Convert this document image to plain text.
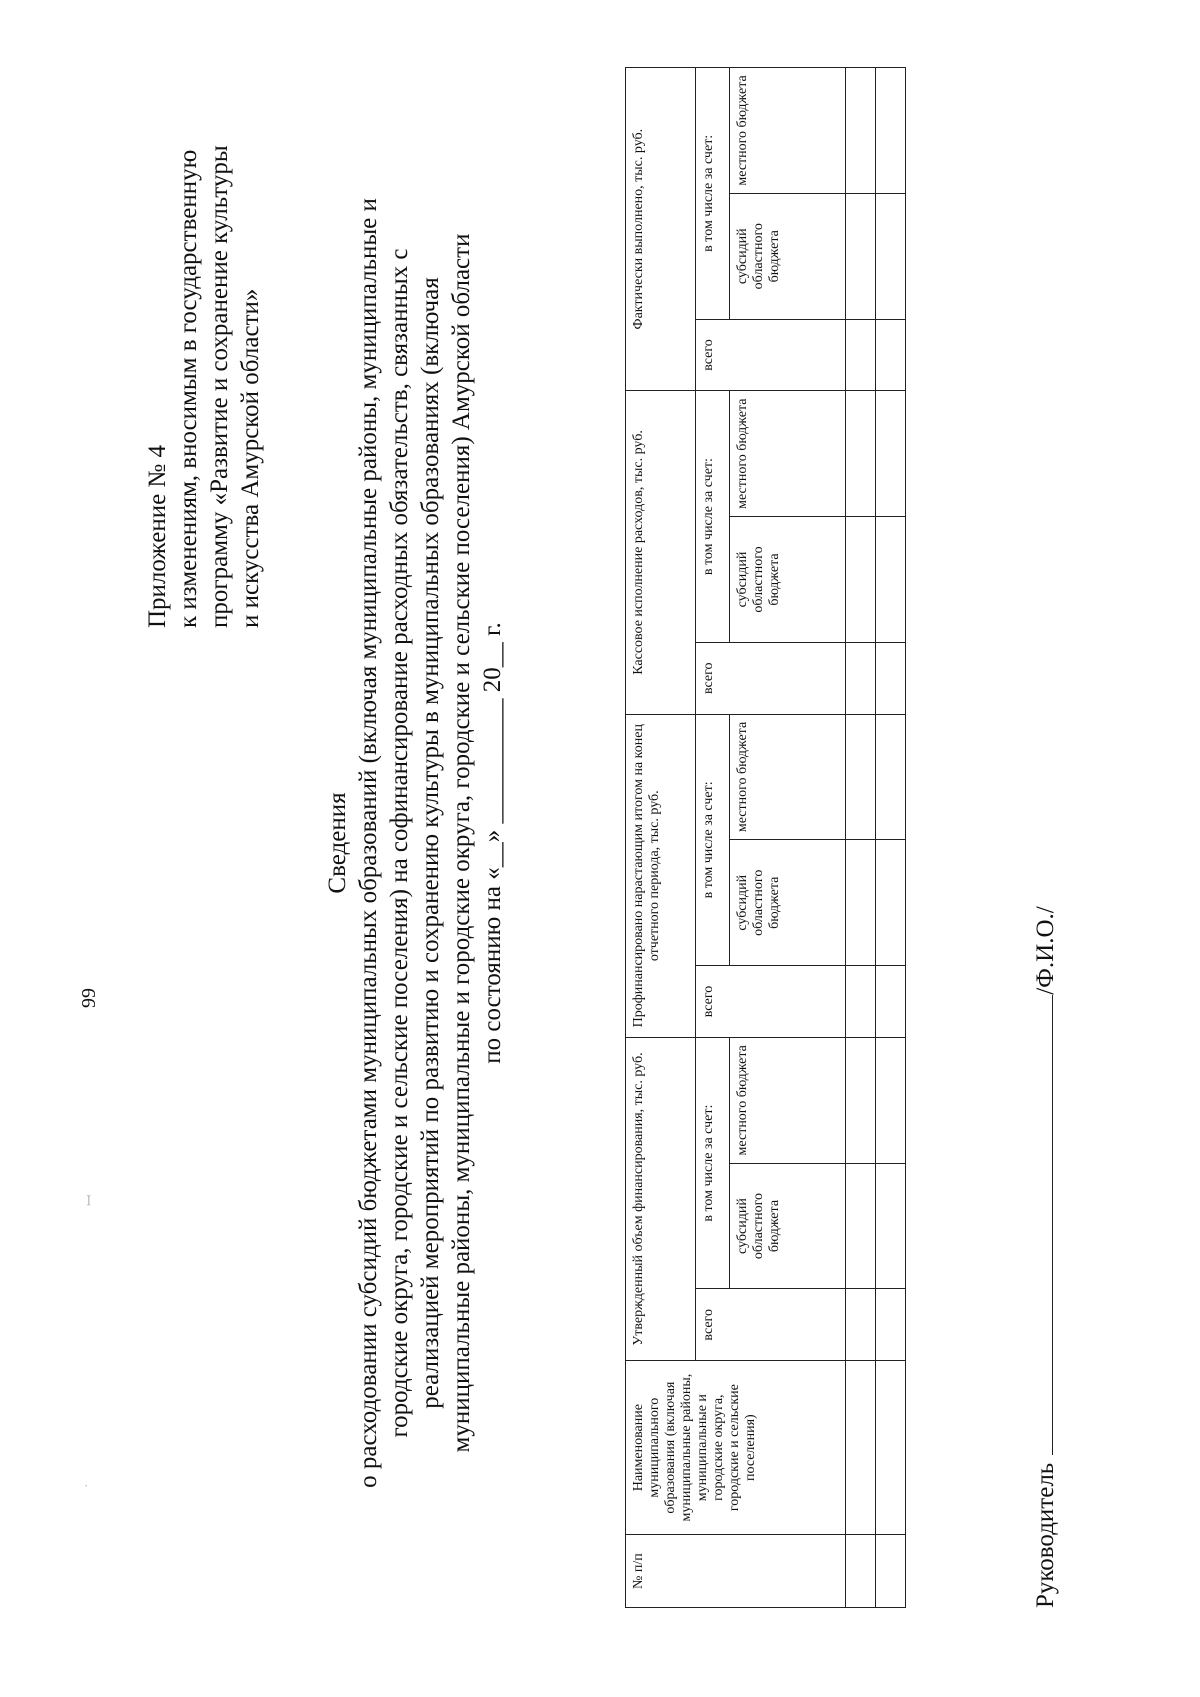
99
ꟷ
·
Приложение № 4 к изменениям, вносимым в государственную программу «Развитие и сохранение культуры и искусства Амурской области»
Сведения о расходовании субсидий бюджетами муниципальных образований (включая муниципальные районы, муниципальные и городские округа, городские и сельские поселения) на софинансирование расходных обязательств, связанных с реализацией мероприятий по развитию и сохранению культуры в муниципальных образованиях (включая муниципальные районы, муниципальные и городские округа, городские и сельские поселения) Амурской области по состоянию на «__» __________ 20__ г.
№ п/п	Наименование муниципального образования (включая муниципальные районы, муниципальные и городские округа, городские и сельские поселения)	Утвержденный объем финансирования, тыс. руб.			Профинансировано нарастающим итогом на конец отчетного периода, тыс. руб.			Кассовое исполнение расходов, тыс. руб.			Фактически выполнено, тыс. руб.		
		всего	в том числе за счет:		всего	в том числе за счет:		всего	в том числе за счет:		всего	в том числе за счет:	
			субсидий областного бюджета	местного бюджета		субсидий областного бюджета	местного бюджета		субсидий областного бюджета	местного бюджета		субсидий областного бюджета	местного бюджета

Руководитель/Ф.И.О./
